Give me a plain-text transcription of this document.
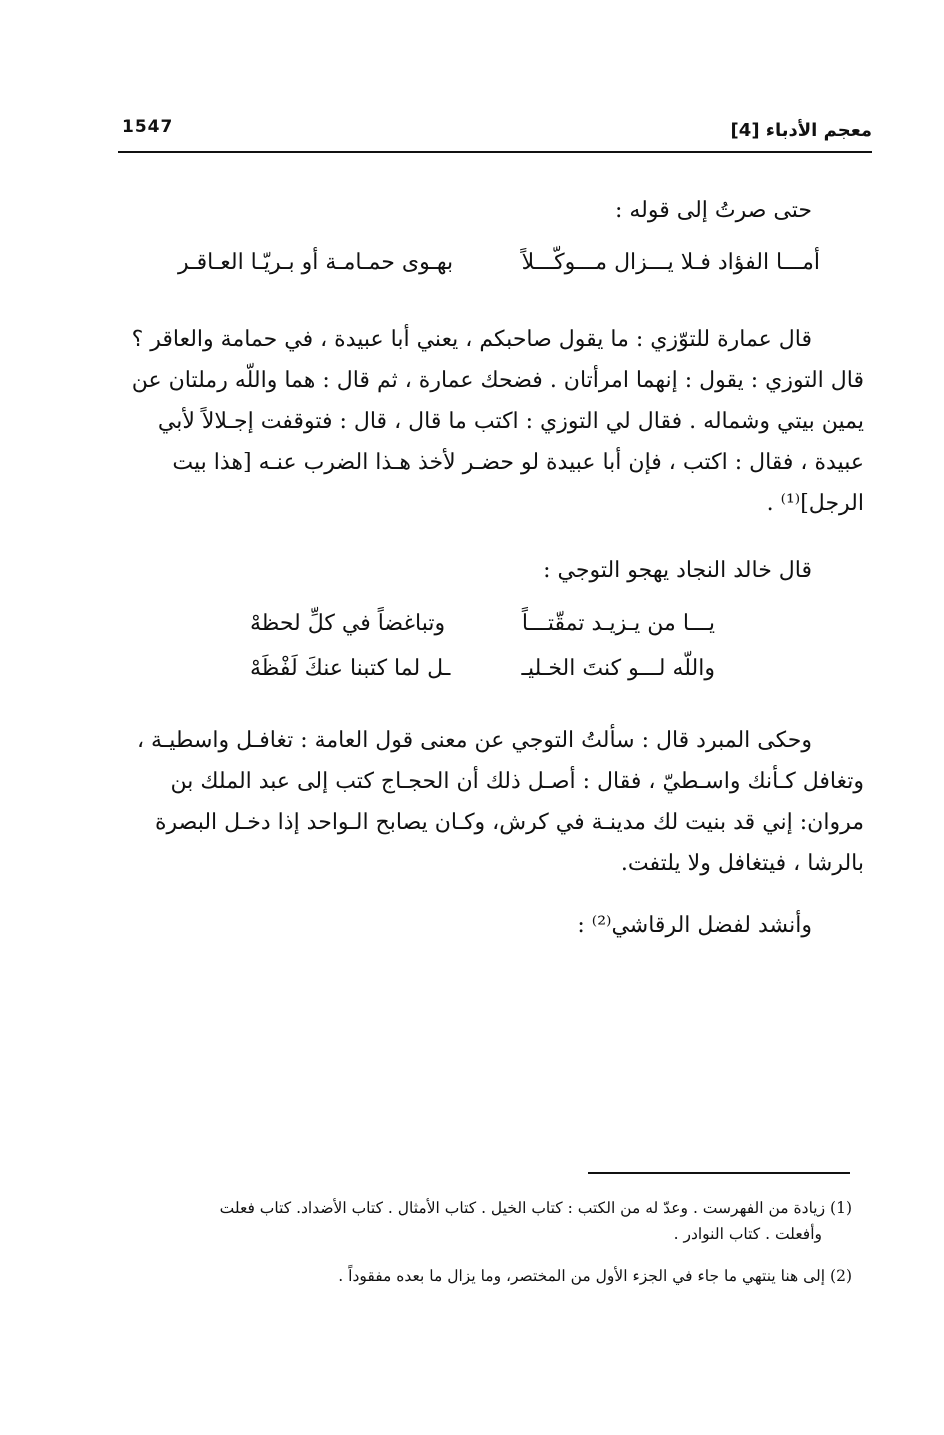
معجم الأدباء [4]
1547
حتى صرتُ إلى قوله :
أمـــا الفؤاد فـلا يـــزال مـــوكّـــلاً
بهـوى حمـامـة أو بـريّـا العـاقـر
قال عمارة للتوّزي : ما يقول صاحبكم ، يعني أبا عبيدة ، في حمامة والعاقر ؟
قال التوزي : يقول : إنهما امرأتان . فضحك عمارة ، ثم قال : هما واللّه رملتان عن
يمين بيتي وشماله . فقال لي التوزي : اكتب ما قال ، قال : فتوقفت إجـلالاً لأبي
عبيدة ، فقال : اكتب ، فإن أبا عبيدة لو حضـر لأخذ هـذا الضرب عنـه [هذا بيت
الرجل]⁽¹⁾ .
قال خالد النجاد يهجو التوجي :
يـــا من يـزيـد تمقّتـــاً
وتباغضاً في كلِّ لحظهْ
واللّه لـــو كنتَ الخـليـ
ـل لما كتبنا عنكَ لَفْظَهْ
وحكى المبرد قال : سألتُ التوجي عن معنى قول العامة : تغافـل واسطيـة ،
وتغافل كـأنك واسـطيّ ، فقال : أصـل ذلك أن الحجـاج كتب إلى عبد الملك بن
مروان: إني قد بنيت لك مدينـة في كرش، وكـان يصابح الـواحد إذا دخـل البصرة
بالرشا ، فيتغافل ولا يلتفت.
وأنشد لفضل الرقاشي⁽²⁾ :
(1) زيادة من الفهرست . وعدّ له من الكتب : كتاب الخيل . كتاب الأمثال . كتاب الأضداد. كتاب فعلت
وأفعلت . كتاب النوادر .
(2) إلى هنا ينتهي ما جاء في الجزء الأول من المختصر، وما يزال ما بعده مفقوداً .
